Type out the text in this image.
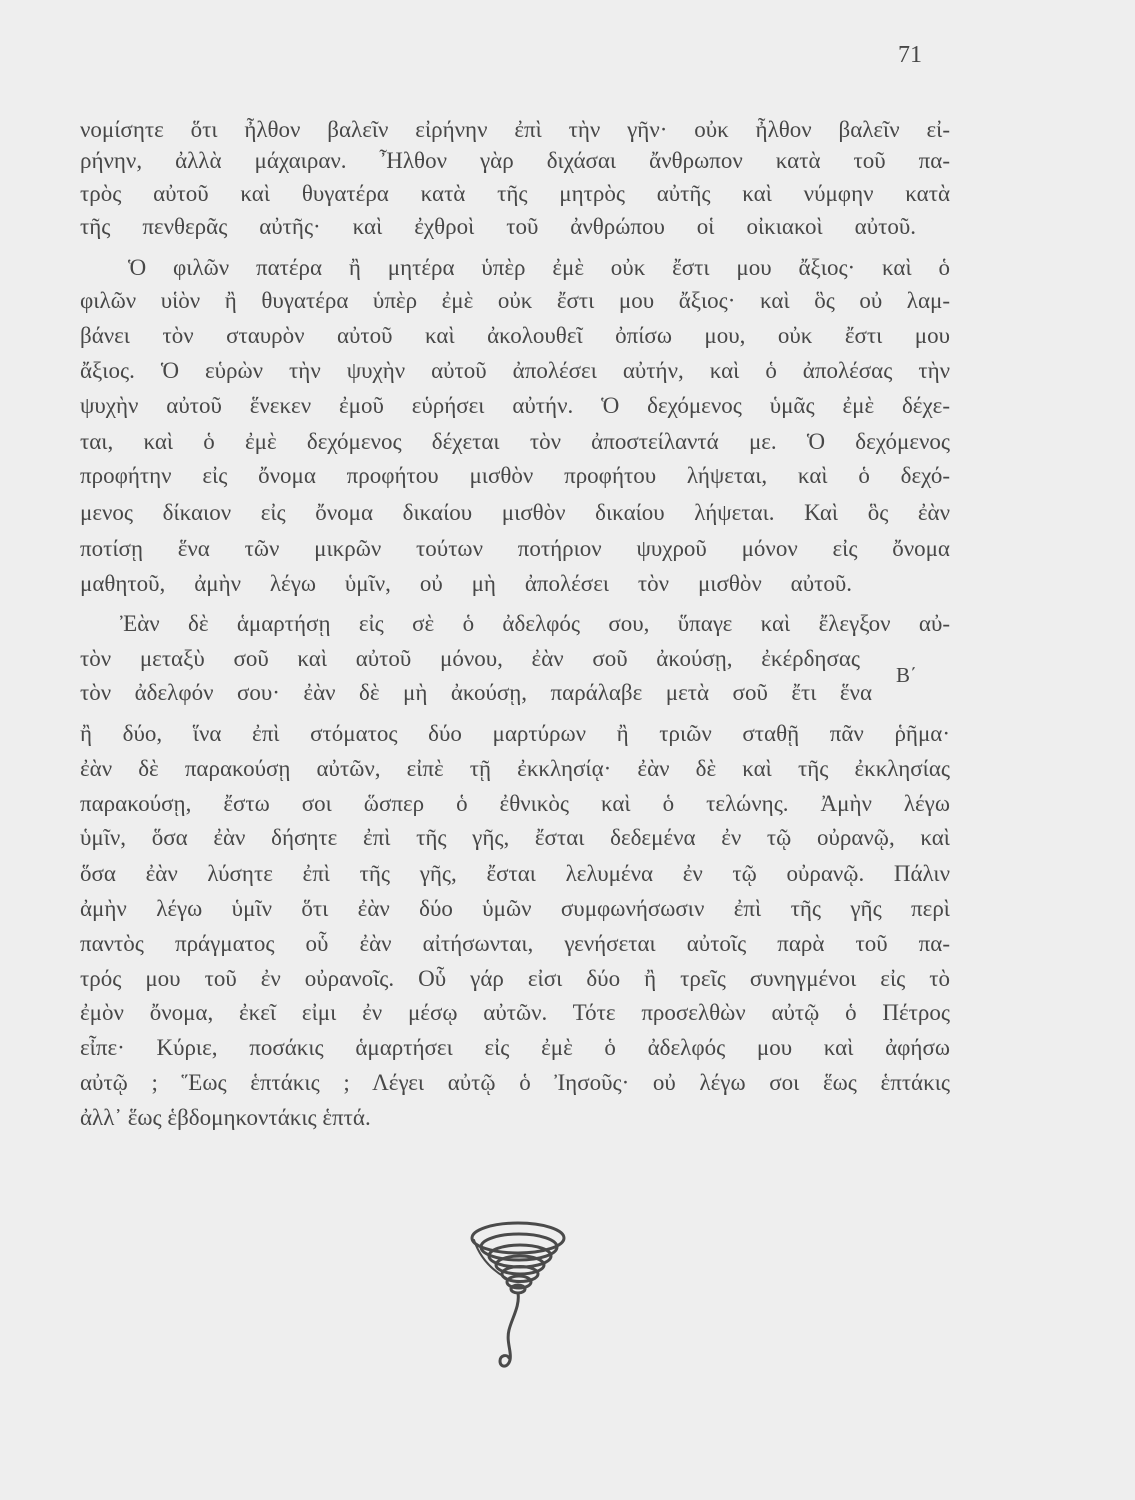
71
νομίσητε ὅτι ἦλθον βαλεῖν εἰρήνην ἐπὶ τὴν γῆν· οὐκ ἦλθον βαλεῖν εἰ-
ρήνην, ἀλλὰ μάχαιραν. Ἦλθον γὰρ διχάσαι ἄνθρωπον κατὰ τοῦ πα-
τρὸς αὐτοῦ καὶ θυγατέρα κατὰ τῆς μητρὸς αὐτῆς καὶ νύμφην κατὰ
τῆς πενθερᾶς αὐτῆς· καὶ ἐχθροὶ τοῦ ἀνθρώπου οἱ οἰκιακοὶ αὐτοῦ.
Ὁ φιλῶν πατέρα ἢ μητέρα ὑπὲρ ἐμὲ οὐκ ἔστι μου ἄξιος· καὶ ὁ
φιλῶν υἱὸν ἢ θυγατέρα ὑπὲρ ἐμὲ οὐκ ἔστι μου ἄξιος· καὶ ὃς οὐ λαμ-
βάνει τὸν σταυρὸν αὐτοῦ καὶ ἀκολουθεῖ ὀπίσω μου, οὐκ ἔστι μου
ἄξιος. Ὁ εὑρὼν τὴν ψυχὴν αὐτοῦ ἀπολέσει αὐτήν, καὶ ὁ ἀπολέσας τὴν
ψυχὴν αὐτοῦ ἕνεκεν ἐμοῦ εὑρήσει αὐτήν. Ὁ δεχόμενος ὑμᾶς ἐμὲ δέχε-
ται, καὶ ὁ ἐμὲ δεχόμενος δέχεται τὸν ἀποστείλαντά με. Ὁ δεχόμενος
προφήτην εἰς ὄνομα προφήτου μισθὸν προφήτου λήψεται, καὶ ὁ δεχό-
μενος δίκαιον εἰς ὄνομα δικαίου μισθὸν δικαίου λήψεται. Καὶ ὃς ἐὰν
ποτίσῃ ἕνα τῶν μικρῶν τούτων ποτήριον ψυχροῦ μόνον εἰς ὄνομα
μαθητοῦ, ἀμὴν λέγω ὑμῖν, οὐ μὴ ἀπολέσει τὸν μισθὸν αὐτοῦ.
Ἐὰν δὲ ἁμαρτήσῃ εἰς σὲ ὁ ἀδελφός σου, ὕπαγε καὶ ἔλεγξον αὐ-
τὸν μεταξὺ σοῦ καὶ αὐτοῦ μόνου, ἐὰν σοῦ ἀκούσῃ, ἐκέρδησας
τὸν ἀδελφόν σου· ἐὰν δὲ μὴ ἀκούσῃ, παράλαβε μετὰ σοῦ ἔτι ἕνα
ἢ δύο, ἵνα ἐπὶ στόματος δύο μαρτύρων ἢ τριῶν σταθῇ πᾶν ῥῆμα·
ἐὰν δὲ παρακούσῃ αὐτῶν, εἰπὲ τῇ ἐκκλησίᾳ· ἐὰν δὲ καὶ τῆς ἐκκλησίας
παρακούσῃ, ἔστω σοι ὥσπερ ὁ ἐθνικὸς καὶ ὁ τελώνης. Ἀμὴν λέγω
ὑμῖν, ὅσα ἐὰν δήσητε ἐπὶ τῆς γῆς, ἔσται δεδεμένα ἐν τῷ οὐρανῷ, καὶ
ὅσα ἐὰν λύσητε ἐπὶ τῆς γῆς, ἔσται λελυμένα ἐν τῷ οὐρανῷ. Πάλιν
ἀμὴν λέγω ὑμῖν ὅτι ἐὰν δύο ὑμῶν συμφωνήσωσιν ἐπὶ τῆς γῆς περὶ
παντὸς πράγματος οὗ ἐὰν αἰτήσωνται, γενήσεται αὐτοῖς παρὰ τοῦ πα-
τρός μου τοῦ ἐν οὐρανοῖς. Οὗ γάρ εἰσι δύο ἢ τρεῖς συνηγμένοι εἰς τὸ
ἐμὸν ὄνομα, ἐκεῖ εἰμι ἐν μέσῳ αὐτῶν. Τότε προσελθὼν αὐτῷ ὁ Πέτρος
εἶπε· Κύριε, ποσάκις ἁμαρτήσει εἰς ἐμὲ ὁ ἀδελφός μου καὶ ἀφήσω
αὐτῷ ; Ἕως ἑπτάκις ; Λέγει αὐτῷ ὁ Ἰησοῦς· οὐ λέγω σοι ἕως ἑπτάκις
ἀλλ᾽ ἕως ἑβδομηκοντάκις ἑπτά.
Β΄
